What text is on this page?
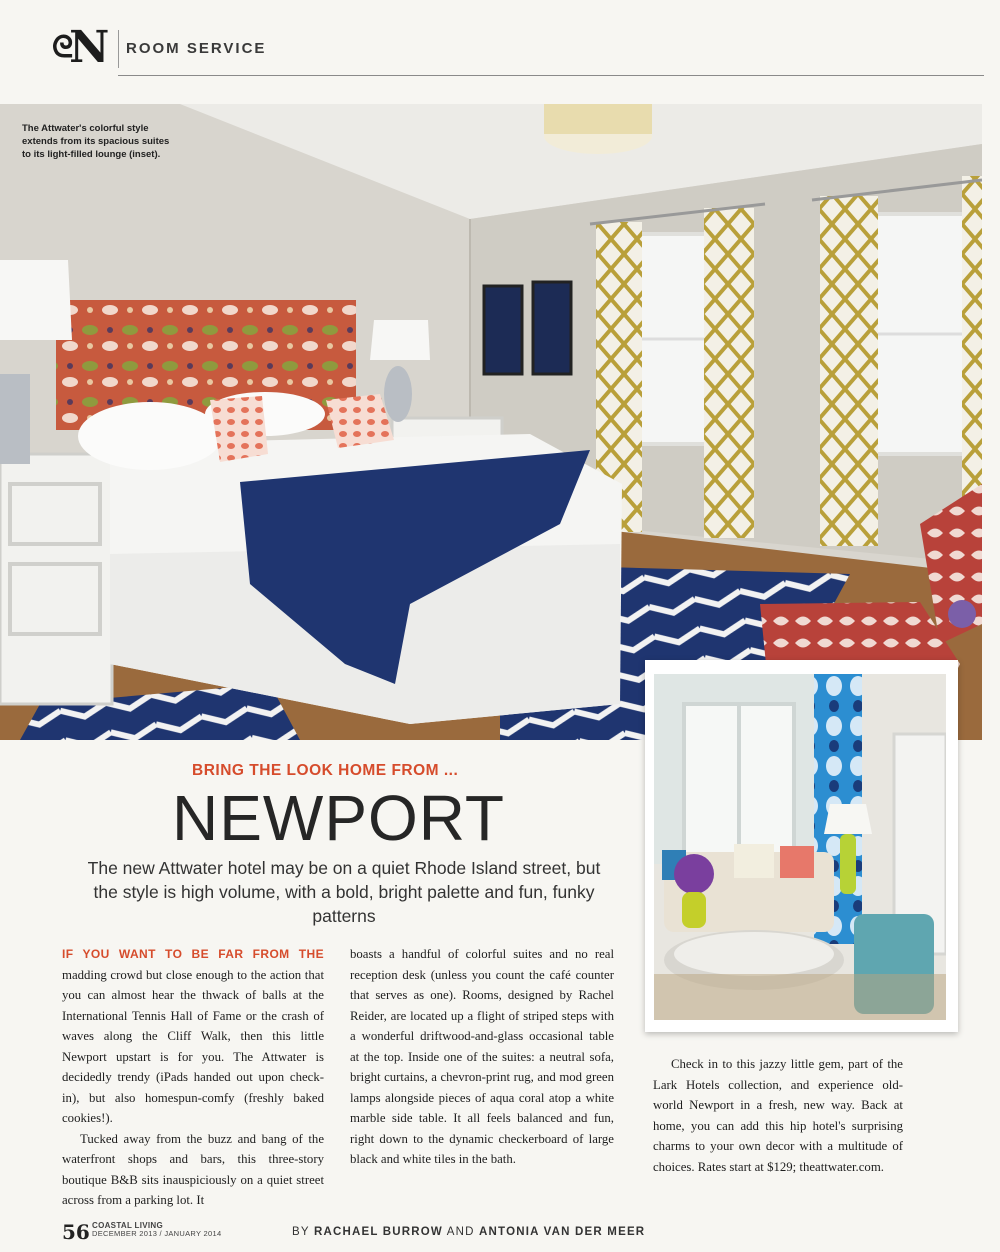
$^ᘓ$N ROOM SERVICE
The Attwater's colorful style extends from its spacious suites to its light-filled lounge (inset).
BRING THE LOOK HOME FROM ...
NEWPORT
The new Attwater hotel may be on a quiet Rhode Island street, but the style is high volume, with a bold, bright palette and fun, funky patterns

IF YOU WANT TO BE FAR FROM THE madding crowd but close enough to the action that you can almost hear the thwack of balls at the International Tennis Hall of Fame or the crash of waves along the Cliff Walk, then this little Newport upstart is for you. The Attwater is decidedly trendy (iPads handed out upon check-in), but also homespun-comfy (freshly baked cookies!).

Tucked away from the buzz and bang of the waterfront shops and bars, this three-story boutique B&B sits inauspiciously on a quiet street across from a parking lot. It

boasts a handful of colorful suites and no real reception desk (unless you count the café counter that serves as one). Rooms, designed by Rachel Reider, are located up a flight of striped steps with a wonderful driftwood-and-glass occasional table at the top. Inside one of the suites: a neutral sofa, bright curtains, a chevron-print rug, and mod green lamps alongside pieces of aqua coral atop a white marble side table. It all feels balanced and fun, right down to the dynamic checkerboard of large black and white tiles in the bath.

Check in to this jazzy little gem, part of the Lark Hotels collection, and experience old-world Newport in a fresh, new way. Back at home, you can add this hip hotel's surprising charms to your own decor with a multitude of choices. Rates start at $129; theattwater.com.

56 COASTAL LIVING
DECEMBER 2013 / JANUARY 2014	BY RACHAEL BURROW AND ANTONIA VAN DER MEER
